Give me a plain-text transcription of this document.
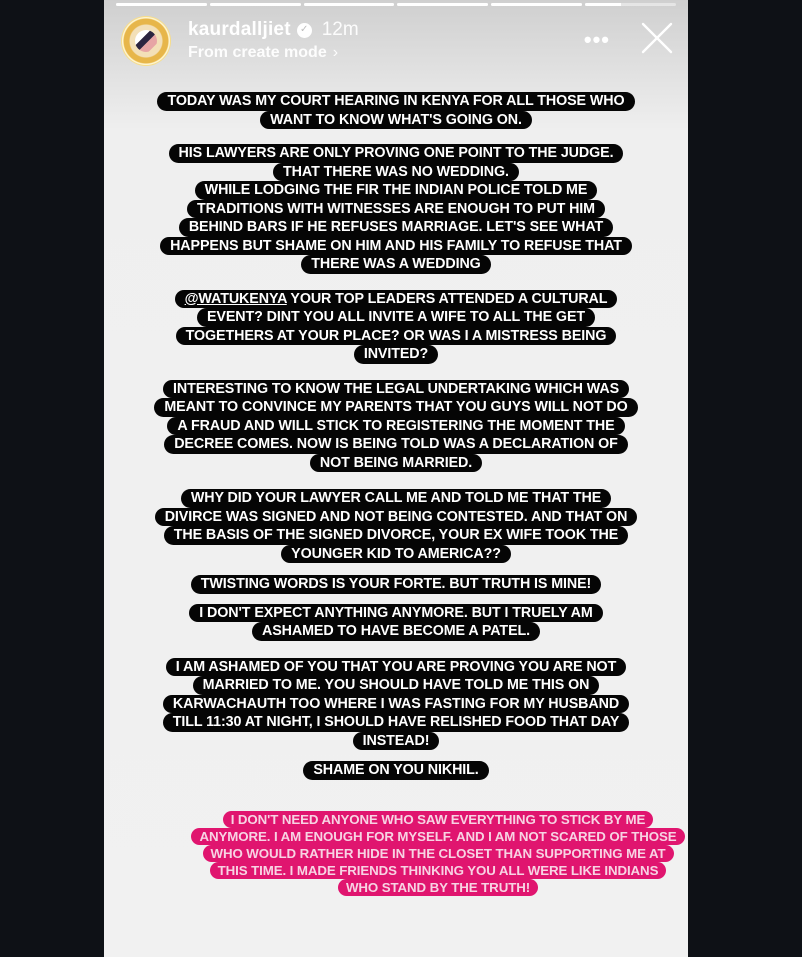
kaurdalljiet ✓ 12m
From create mode ›
•••
TODAY WAS MY COURT HEARING IN KENYA FOR ALL THOSE WHO
WANT TO KNOW WHAT'S GOING ON.
HIS LAWYERS ARE ONLY PROVING ONE POINT TO THE JUDGE.
THAT THERE WAS NO WEDDING.
WHILE LODGING THE FIR THE INDIAN POLICE TOLD ME
TRADITIONS WITH WITNESSES ARE ENOUGH TO PUT HIM
BEHIND BARS IF HE REFUSES MARRIAGE. LET'S SEE WHAT
HAPPENS BUT SHAME ON HIM AND HIS FAMILY TO REFUSE THAT
THERE WAS A WEDDING
@WATUKENYA YOUR TOP LEADERS ATTENDED A CULTURAL
EVENT? DINT YOU ALL INVITE A WIFE TO ALL THE GET
TOGETHERS AT YOUR PLACE? OR WAS I A MISTRESS BEING
INVITED?
INTERESTING TO KNOW THE LEGAL UNDERTAKING WHICH WAS
MEANT TO CONVINCE MY PARENTS THAT YOU GUYS WILL NOT DO
A FRAUD AND WILL STICK TO REGISTERING THE MOMENT THE
DECREE COMES. NOW IS BEING TOLD WAS A DECLARATION OF
NOT BEING MARRIED.
WHY DID YOUR LAWYER CALL ME AND TOLD ME THAT THE
DIVIRCE WAS SIGNED AND NOT BEING CONTESTED. AND THAT ON
THE BASIS OF THE SIGNED DIVORCE, YOUR EX WIFE TOOK THE
YOUNGER KID TO AMERICA??
TWISTING WORDS IS YOUR FORTE. BUT TRUTH IS MINE!
I DON'T EXPECT ANYTHING ANYMORE. BUT I TRUELY AM
ASHAMED TO HAVE BECOME A PATEL.
I AM ASHAMED OF YOU THAT YOU ARE PROVING YOU ARE NOT
MARRIED TO ME. YOU SHOULD HAVE TOLD ME THIS ON
KARWACHAUTH TOO WHERE I WAS FASTING FOR MY HUSBAND
TILL 11:30 AT NIGHT, I SHOULD HAVE RELISHED FOOD THAT DAY
INSTEAD!
SHAME ON YOU NIKHIL.
I DON'T NEED ANYONE WHO SAW EVERYTHING TO STICK BY ME
ANYMORE. I AM ENOUGH FOR MYSELF. AND I AM NOT SCARED OF THOSE
WHO WOULD RATHER HIDE IN THE CLOSET THAN SUPPORTING ME AT
THIS TIME. I MADE FRIENDS THINKING YOU ALL WERE LIKE INDIANS
WHO STAND BY THE TRUTH!
